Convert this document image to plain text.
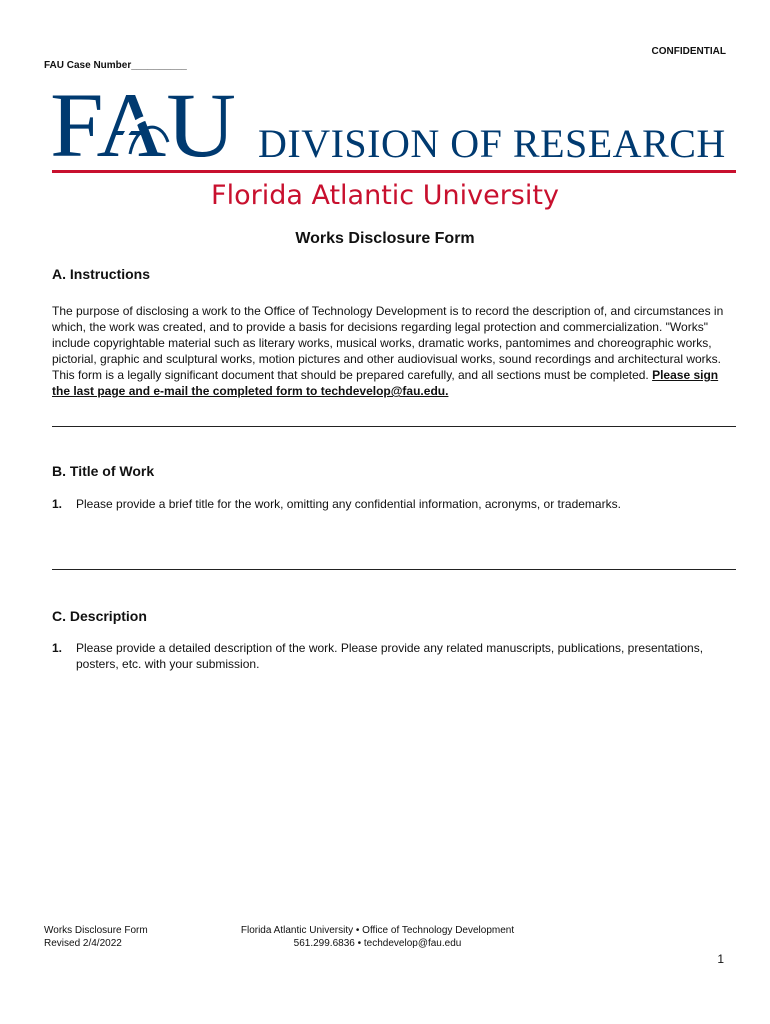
CONFIDENTIAL
FAU Case Number__________
FAU DIVISION OF RESEARCH
Florida Atlantic University
Works Disclosure Form
A. Instructions
The purpose of disclosing a work to the Office of Technology Development is to record the description of, and circumstances in which, the work was created, and to provide a basis for decisions regarding legal protection and commercialization. "Works" include copyrightable material such as literary works, musical works, dramatic works, pantomimes and choreographic works, pictorial, graphic and sculptural works, motion pictures and other audiovisual works, sound recordings and architectural works. This form is a legally significant document that should be prepared carefully, and all sections must be completed. Please sign the last page and e-mail the completed form to techdevelop@fau.edu.
B. Title of Work
1.	Please provide a brief title for the work, omitting any confidential information, acronyms, or trademarks.
C. Description
1.	Please provide a detailed description of the work. Please provide any related manuscripts, publications, presentations, posters, etc. with your submission.
Works Disclosure Form
Revised 2/4/2022
Florida Atlantic University • Office of Technology Development
561.299.6836 • techdevelop@fau.edu
1
